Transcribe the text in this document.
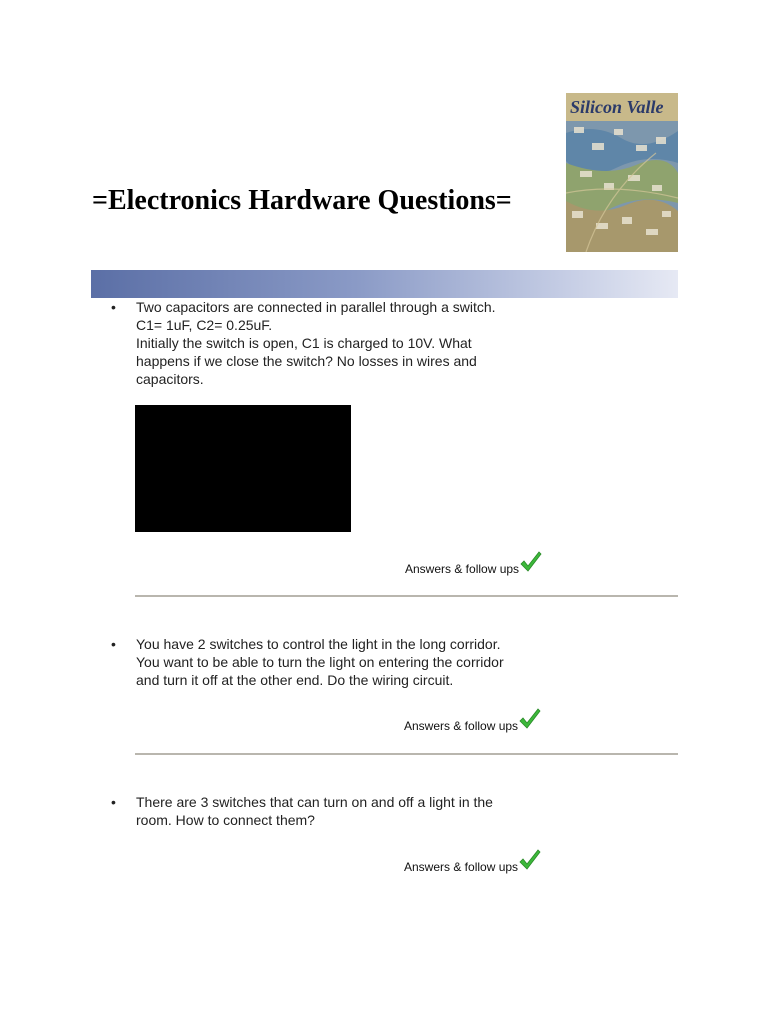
=Electronics Hardware Questions=
Silicon Valle
•	Two capacitors are connected in parallel through a switch.
C1= 1uF, C2= 0.25uF.
Initially the switch is open, C1 is charged to 10V. What
happens if we close the switch? No losses in wires and
capacitors.
Answers & follow ups
•	You have 2 switches to control the light in the long corridor.
You want to be able to turn the light on entering the corridor
and turn it off at the other end. Do the wiring circuit.
Answers & follow ups
•	There are 3 switches that can turn on and off a light in the
room. How to connect them?
Answers & follow ups
